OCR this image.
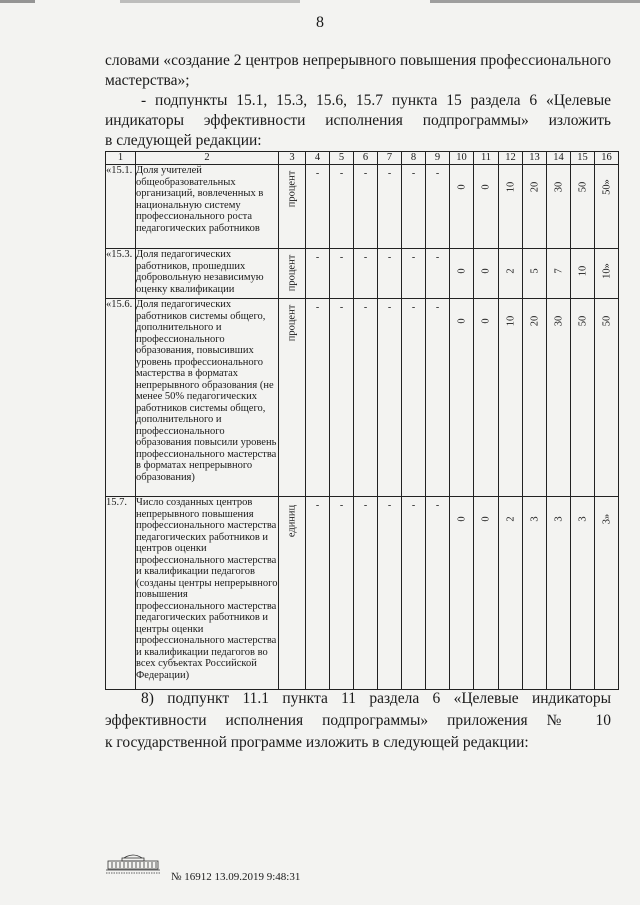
8
словами «создание 2 центров непрерывного повышения профессионального
мастерства»;
- подпункты 15.1, 15.3, 15.6, 15.7 пункта 15 раздела 6 «Целевые
индикаторы эффективности исполнения подпрограммы» изложить
в следующей редакции:
1	2	3	4	5	6	7	8	9	10	11	12	13	14	15	16
«15.1.	Доля учителей общеобразовательных организаций, вовлеченных в национальную систему профессионального роста педагогических работников	процент	-	-	-	-	-	-	0	0	10	20	30	50	50»

«15.3.	Доля педагогических работников, прошедших добровольную независимую оценку квалификации	процент	-	-	-	-	-	-	0	0	2	5	7	10	10»

«15.6.	Доля педагогических работников системы общего, дополнительного и профессионального образования, повысивших уровень профессионального мастерства в форматах непрерывного образования (не менее 50% педагогических работников системы общего, дополнительного и профессионального образования повысили уровень профессионального мастерства в форматах непрерывного образования)	процент	-	-	-	-	-	-	0	0	10	20	30	50	50

15.7.	Число созданных центров непрерывного повышения профессионального мастерства педагогических работников и центров оценки профессионального мастерства и квалификации педагогов (созданы центры непрерывного повышения профессионального мастерства педагогических работников и центры оценки профессионального мастерства и квалификации педагогов во всех субъектах Российской Федерации)	единиц	-	-	-	-	-	-	0	0	2	3	3	3	3»
8) подпункт 11.1 пункта 11 раздела 6 «Целевые индикаторы
эффективности исполнения подпрограммы» приложения № 10
к государственной программе изложить в следующей редакции:
№ 16912 13.09.2019 9:48:31
